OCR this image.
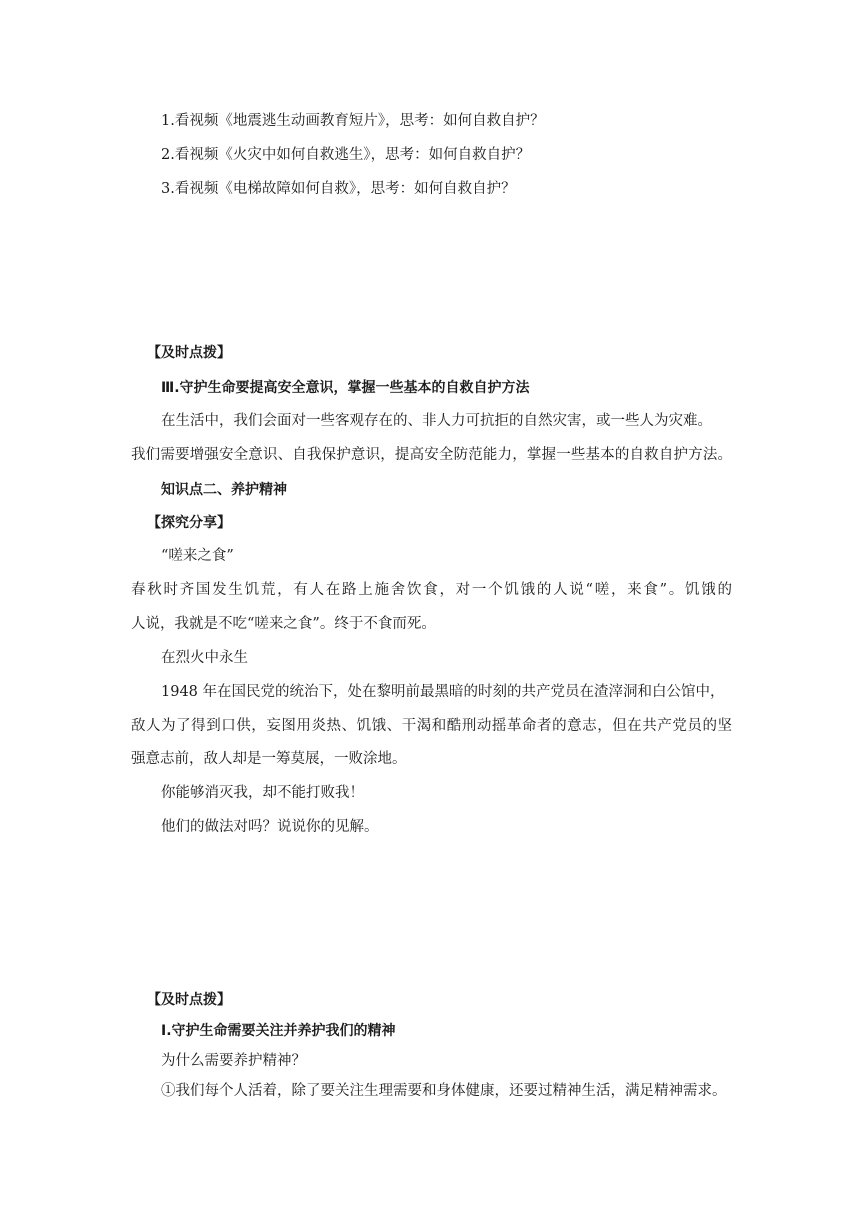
1.看视频《地震逃生动画教育短片》，思考：如何自救自护？
2.看视频《火灾中如何自救逃生》，思考：如何自救自护？
3.看视频《电梯故障如何自救》，思考：如何自救自护？
【及时点拨】
Ⅲ.守护生命要提高安全意识，掌握一些基本的自救自护方法
在生活中，我们会面对一些客观存在的、非人力可抗拒的自然灾害，或一些人为灾难。
我们需要增强安全意识、自我保护意识，提高安全防范能力，掌握一些基本的自救自护方法。
知识点二、养护精神
【探究分享】
“嗟来之食”
春秋时齐国发生饥荒，有人在路上施舍饮食，对一个饥饿的人说“嗟，来食”。饥饿的
人说，我就是不吃“嗟来之食”。终于不食而死。
在烈火中永生
1948 年在国民党的统治下，处在黎明前最黑暗的时刻的共产党员在渣滓洞和白公馆中，
敌人为了得到口供，妄图用炎热、饥饿、干渴和酷刑动摇革命者的意志，但在共产党员的坚
强意志前，敌人却是一筹莫展，一败涂地。
你能够消灭我，却不能打败我！
他们的做法对吗？说说你的见解。
【及时点拨】
Ⅰ.守护生命需要关注并养护我们的精神
为什么需要养护精神？
①我们每个人活着，除了要关注生理需要和身体健康，还要过精神生活，满足精神需求。
